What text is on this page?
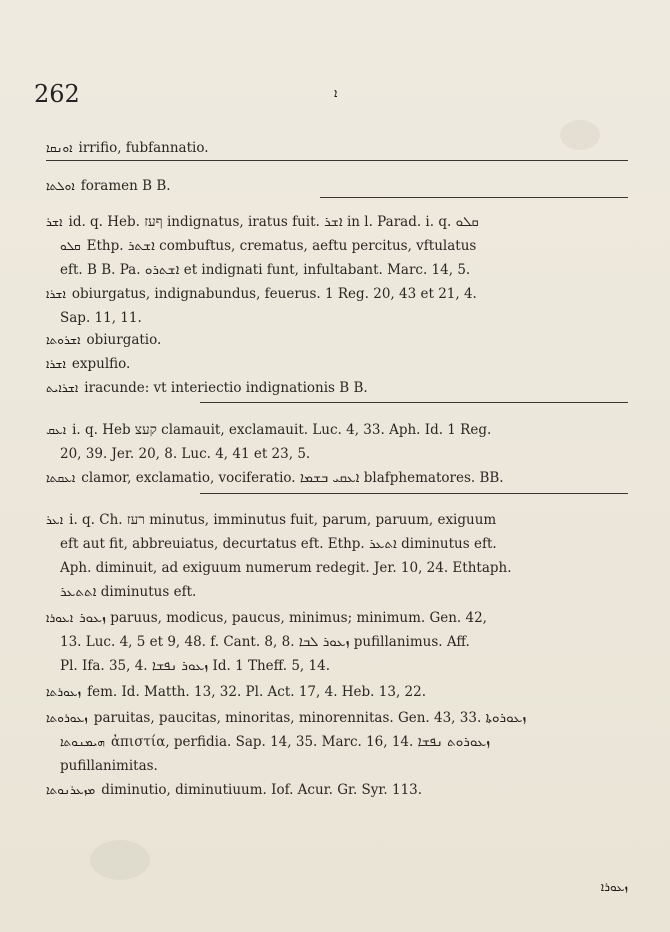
262	ܐ
ܐܘܢܩܐ irrifio, fubfannatio.
ܐܘܠܬܐ foramen B B.
ܐܫܪ id. q. Heb. ףעז indignatus, iratus fuit. ܐܫܪ in l. Parad. i. q. ܩܠܘ
ܩܠܘ Ethp. ܐܫܬܪ combuftus, crematus, aeftu percitus, vftulatus
eft. B B. Pa. ܐܫܬܪܘ et indignati funt, infultabant. Marc. 14, 5.
ܐܫܪܐ obiurgatus, indignabundus, feuerus. 1 Reg. 20, 43 et 21, 4.
Sap. 11, 11.
ܐܫܪܘܬܐ obiurgatio.
ܐܫܪܐ expulfio.
ܐܫܪܐܝܬ iracunde: vt interiectio indignationis B B.
ܐܥܩ i. q. Heb קעצ clamauit, exclamauit. Luc. 4, 33. Aph. Id. 1 Reg.
20, 39. Jer. 20, 8. Luc. 4, 41 et 23, 5.
ܐܥܩܬܐ clamor, exclamatio, vociferatio. ܐܥܩܝ ܒܫܡܐ blafphematores. BB.
ܐܥܪ i. q. Ch. רעז minutus, imminutus fuit, parum, paruum, exiguum
eft aut fit, abbreuiatus, decurtatus eft. Ethp. ܐܬܥܪ diminutus eft.
Aph. diminuit, ad exiguum numerum redegit. Jer. 10, 24. Ethtaph.
ܐܬܬܥܪ diminutus eft.
ܐܥܘܪܐ ܙܥܘܪ paruus, modicus, paucus, minimus; minimum. Gen. 42,
13. Luc. 4, 5 et 9, 48. f. Cant. 8, 8. ܙܥܘܪ ܠܒܐ pufillanimus. Aff.
Pl. Ifa. 35, 4. ܙܥܘܪ ܢܦܫܐ Id. 1 Theff. 5, 14.
ܙܥܘܪܬܐ fem. Id. Matth. 13, 32. Pl. Act. 17, 4. Heb. 13, 22.
ܙܥܘܪܘܬܐ paruitas, paucitas, minoritas, minorennitas. Gen. 43, 33. ܙܥܘܪܘܬܐ
ܗܝܡܢܘܬܐ ἀπιστία, perfidia. Sap. 14, 35. Marc. 16, 14. ܙܥܘܪܘܬ ܢܦܫܐ
pufillanimitas.
ܡܙܥܪܢܘܬܐ diminutio, diminutiuum. Iof. Acur. Gr. Syr. 113.
ܙܥܘܪܐ
